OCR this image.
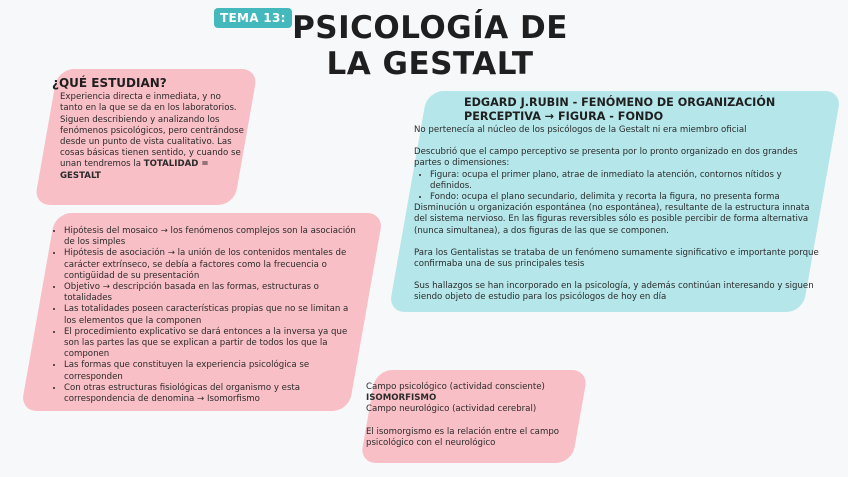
TEMA 13: PSICOLOGÍA DE LA GESTALT

¿QUÉ ESTUDIAN?

Experiencia directa e inmediata, y no tanto en la que se da en los laboratorios. Siguen describiendo y analizando los fenómenos psicológicos, pero centrándose desde un punto de vista cualitativo. Las cosas básicas tienen sentido, y cuando se unan tendremos la TOTALIDAD = GESTALT

• Hipótesis del mosaico → los fenómenos complejos son la asociación de los simples
• Hipótesis de asociación → la unión de los contenidos mentales de carácter extrínseco, se debía a factores como la frecuencia o contigüidad de su presentación
• Objetivo → descripción basada en las formas, estructuras o totalidades
• Las totalidades poseen características propias que no se limitan a los elementos que la componen
• El procedimiento explicativo se dará entonces a la inversa ya que son las partes las que se explican a partir de todos los que la componen
• Las formas que constituyen la experiencia psicológica se corresponden
• Con otras estructuras fisiológicas del organismo y esta correspondencia de denomina → Isomorfismo

EDGARD J.RUBIN - FENÓMENO DE ORGANIZACIÓN PERCEPTIVA → FIGURA - FONDO

No pertenecía al núcleo de los psicólogos de la Gestalt ni era miembro oficial

Descubrió que el campo perceptivo se presenta por lo pronto organizado en dos grandes partes o dimensiones:

• Figura: ocupa el primer plano, atrae de inmediato la atención, contornos nítidos y definidos.
• Fondo: ocupa el plano secundario, delimita y recorta la figura, no presenta forma

Disminución u organización espontánea (no espontánea), resultante de la estructura innata del sistema nervioso. En las figuras reversibles sólo es posible percibir de forma alternativa (nunca simultanea), a dos figuras de las que se componen.

Para los Gentalistas se trataba de un fenómeno sumamente significativo e importante porque confirmaba una de sus principales tesis

Sus hallazgos se han incorporado en la psicología, y además continúan interesando y siguen siendo objeto de estudio para los psicólogos de hoy en día

Campo psicológico (actividad consciente)

ISOMORFISMO

Campo neurológico (actividad cerebral)

El isomorgismo es la relación entre el campo psicológico con el neurológico
